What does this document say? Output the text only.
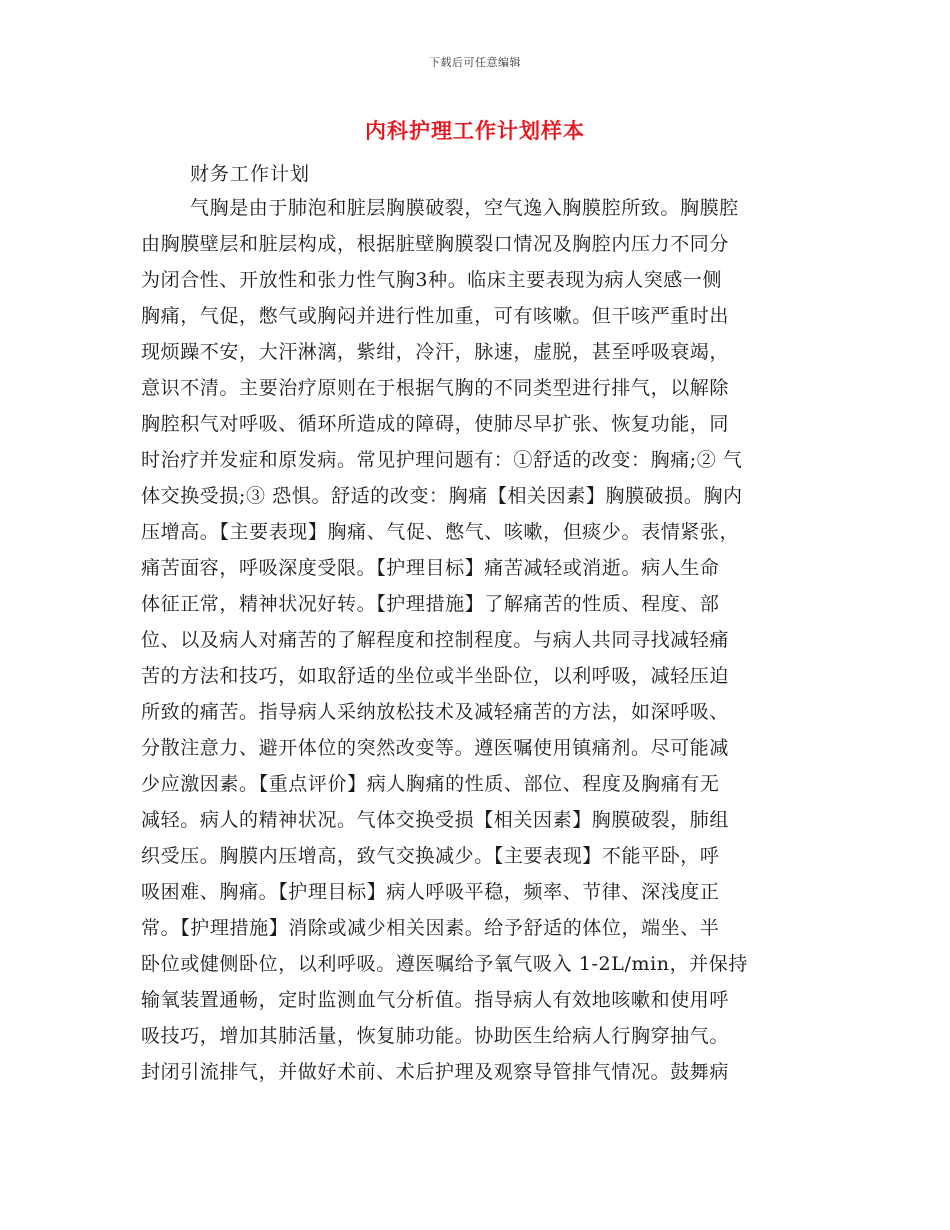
下载后可任意编辑
内科护理工作计划样本
财务工作计划
气胸是由于肺泡和脏层胸膜破裂，空气逸入胸膜腔所致。胸膜腔
由胸膜壁层和脏层构成，根据脏壁胸膜裂口情况及胸腔内压力不同分
为闭合性、开放性和张力性气胸3种。临床主要表现为病人突感一侧
胸痛，气促，憋气或胸闷并进行性加重，可有咳嗽。但干咳严重时出
现烦躁不安，大汗淋漓，紫绀，冷汗，脉速，虚脱，甚至呼吸衰竭，
意识不清。主要治疗原则在于根据气胸的不同类型进行排气，以解除
胸腔积气对呼吸、循环所造成的障碍，使肺尽早扩张、恢复功能，同
时治疗并发症和原发病。常见护理问题有：①舒适的改变：胸痛;② 气
体交换受损;③ 恐惧。舒适的改变：胸痛【相关因素】胸膜破损。胸内
压增高。【主要表现】胸痛、气促、憋气、咳嗽，但痰少。表情紧张，
痛苦面容，呼吸深度受限。【护理目标】痛苦减轻或消逝。病人生命
体征正常，精神状况好转。【护理措施】了解痛苦的性质、程度、部
位、以及病人对痛苦的了解程度和控制程度。与病人共同寻找减轻痛
苦的方法和技巧，如取舒适的坐位或半坐卧位，以利呼吸，减轻压迫
所致的痛苦。指导病人采纳放松技术及减轻痛苦的方法，如深呼吸、
分散注意力、避开体位的突然改变等。遵医嘱使用镇痛剂。尽可能减
少应激因素。【重点评价】病人胸痛的性质、部位、程度及胸痛有无
减轻。病人的精神状况。气体交换受损【相关因素】胸膜破裂，肺组
织受压。胸膜内压增高，致气交换减少。【主要表现】不能平卧，呼
吸困难、胸痛。【护理目标】病人呼吸平稳，频率、节律、深浅度正
常。【护理措施】消除或减少相关因素。给予舒适的体位，端坐、半
卧位或健侧卧位，以利呼吸。遵医嘱给予氧气吸入 1-2L/min，并保持
输氧装置通畅，定时监测血气分析值。指导病人有效地咳嗽和使用呼
吸技巧，增加其肺活量，恢复肺功能。协助医生给病人行胸穿抽气。
封闭引流排气，并做好术前、术后护理及观察导管排气情况。鼓舞病
